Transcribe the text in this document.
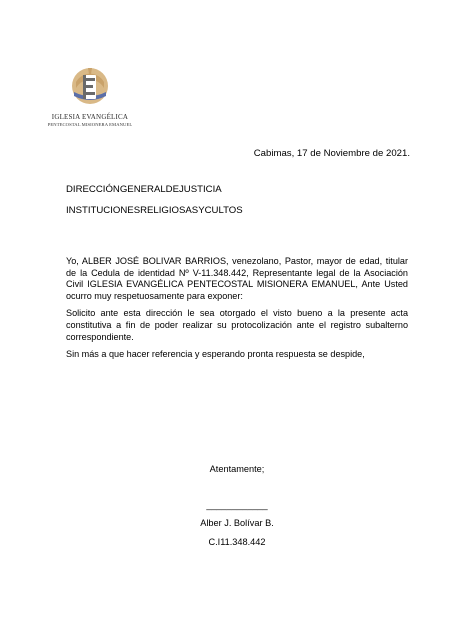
IGLESIA EVANGÉLICA
PENTECOSTAL MISIONERA EMANUEL
Cabimas, 17 de Noviembre de 2021.
DIRECCIÓNGENERALDEJUSTICIA
INSTITUCIONESRELIGIOSASYCULTOS

Yo, ALBER JOSÉ BOLIVAR BARRIOS, venezolano, Pastor, mayor de edad, titular de la Cedula de identidad Nº V-11.348.442, Representante legal de la Asociación Civil IGLESIA EVANGÉLICA PENTECOSTAL MISIONERA EMANUEL, Ante Usted ocurro muy respetuosamente para exponer:

Solicito ante esta dirección le sea otorgado el visto bueno a la presente acta constitutiva a fin de poder realizar su protocolización ante el registro subalterno correspondiente.

Sin más a que hacer referencia y esperando pronta respuesta se despide,

Atentamente;
____________
Alber J. Bolívar B.
C.I11.348.442
